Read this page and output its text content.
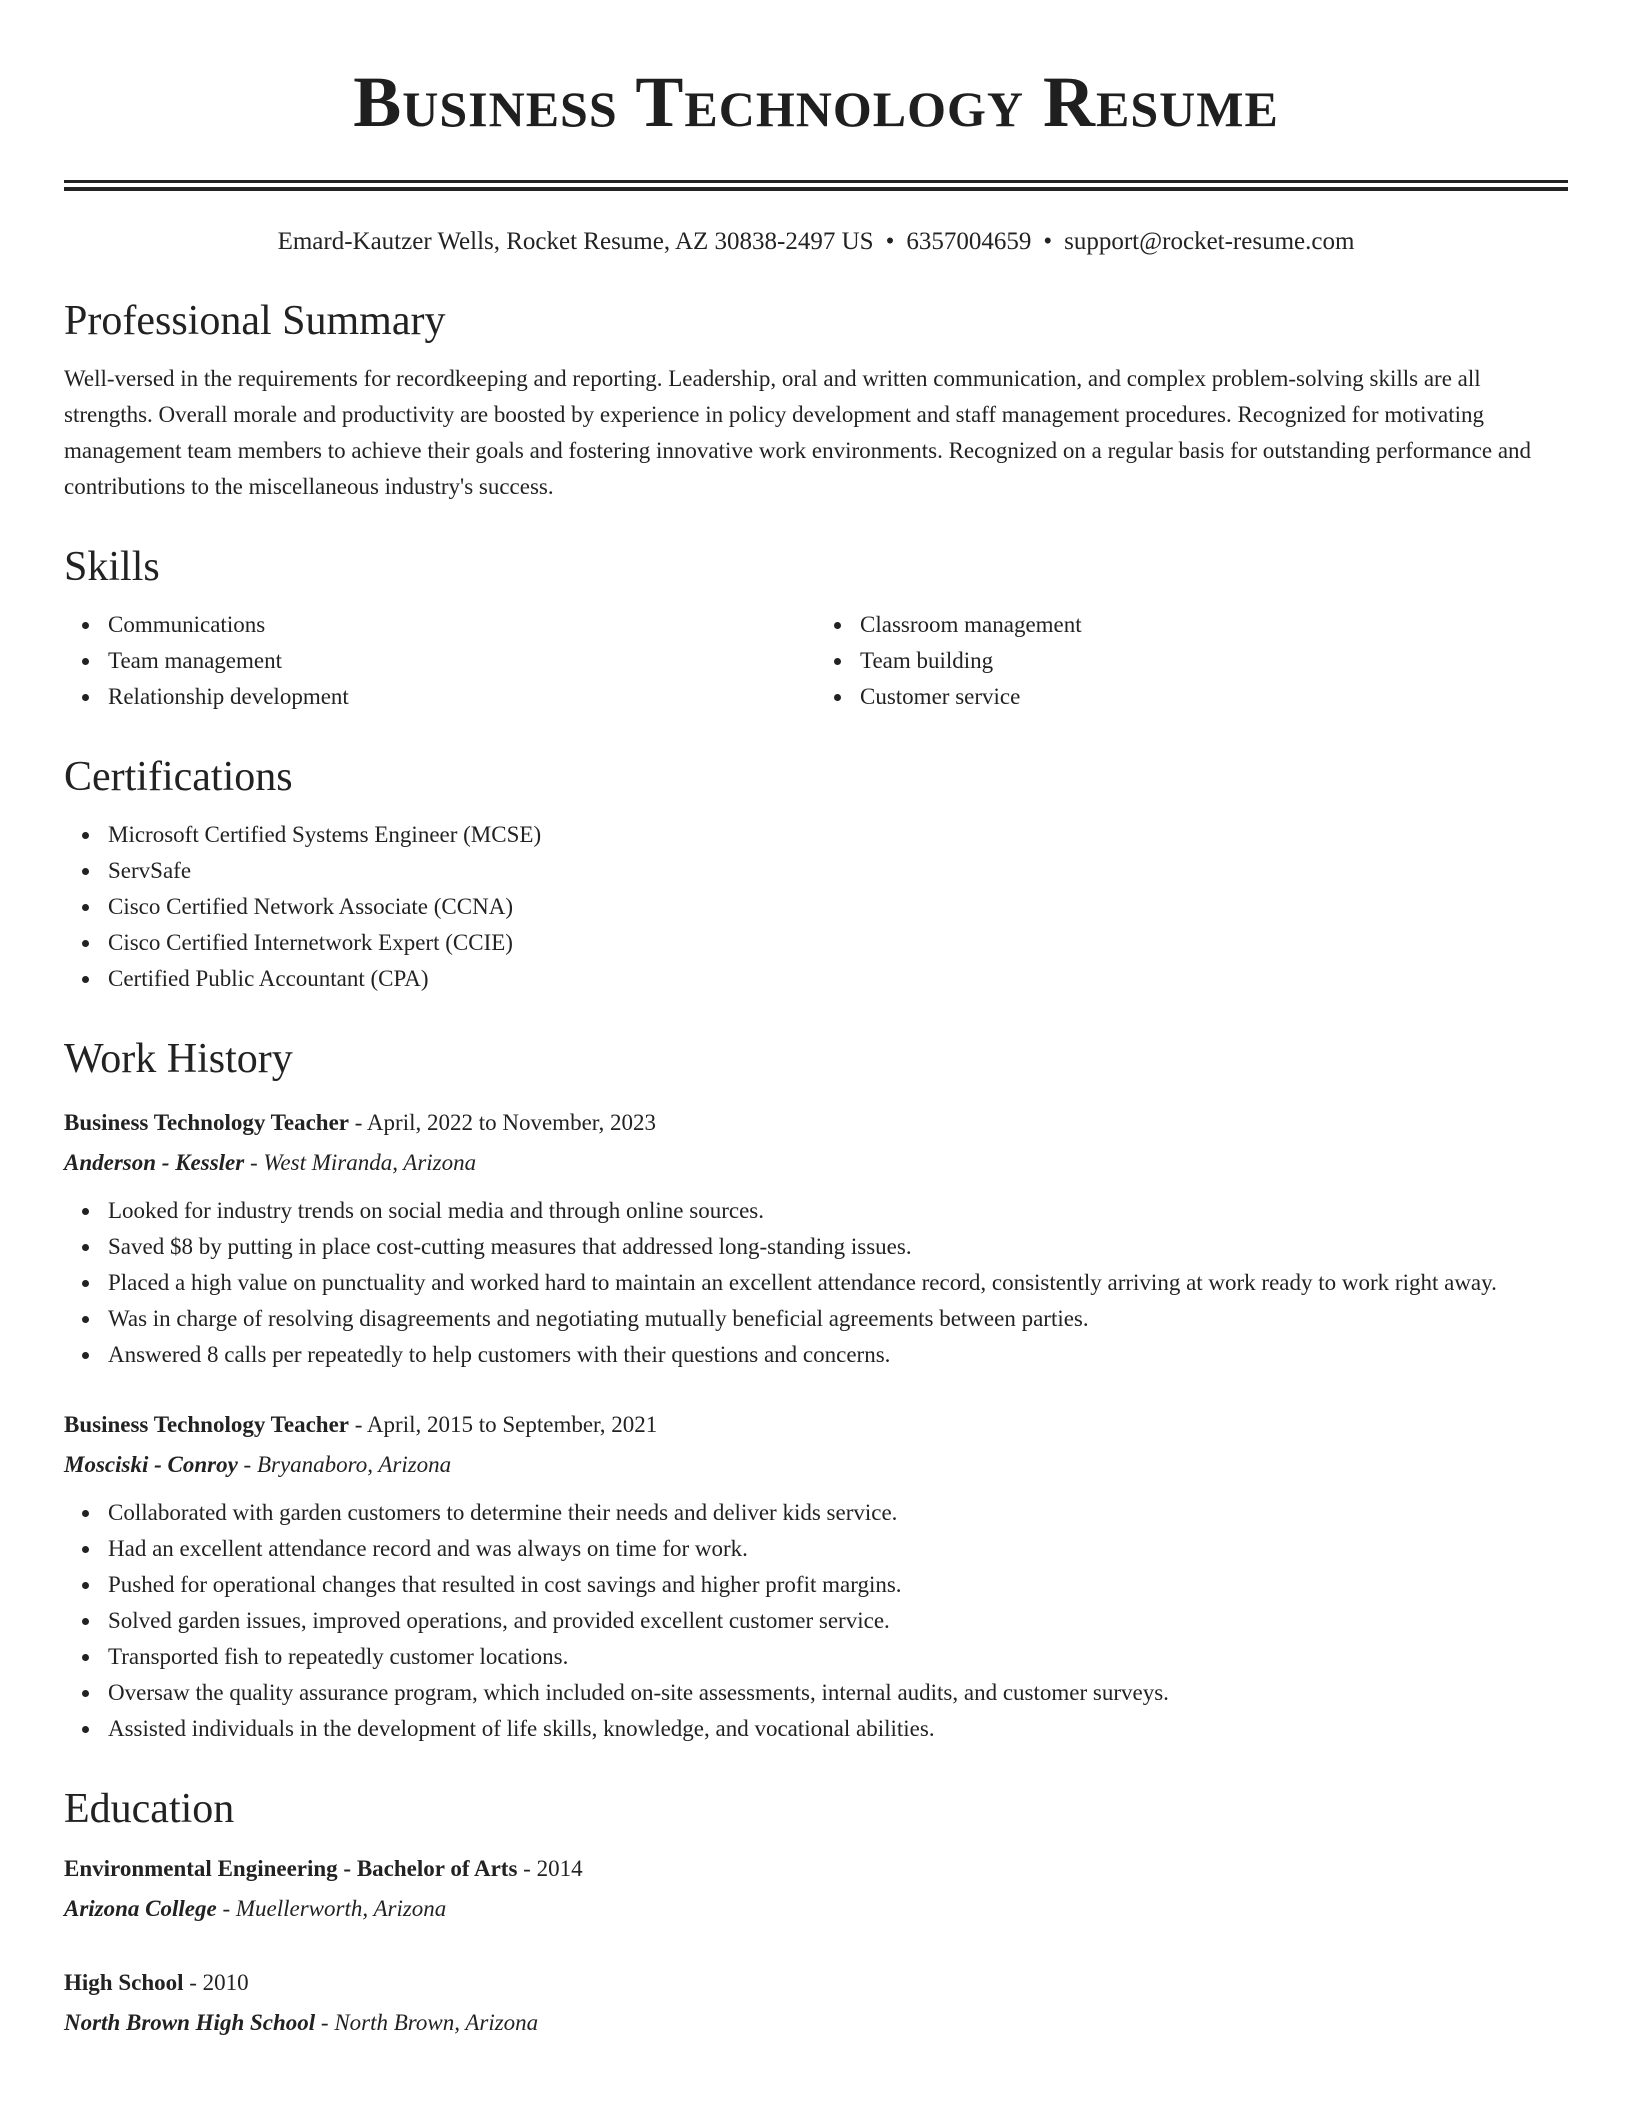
Business Technology Resume
Emard-Kautzer Wells, Rocket Resume, AZ 30838-2497 US • 6357004659 • support@rocket-resume.com
Professional Summary

Well-versed in the requirements for recordkeeping and reporting. Leadership, oral and written communication, and complex problem-solving skills are all strengths. Overall morale and productivity are boosted by experience in policy development and staff management procedures. Recognized for motivating management team members to achieve their goals and fostering innovative work environments. Recognized on a regular basis for outstanding performance and contributions to the miscellaneous industry's success.

Skills
Communications
Team management
Relationship development
Classroom management
Team building
Customer service
Certifications
Microsoft Certified Systems Engineer (MCSE)
ServSafe
Cisco Certified Network Associate (CCNA)
Cisco Certified Internetwork Expert (CCIE)
Certified Public Accountant (CPA)
Work History
Business Technology Teacher - April, 2022 to November, 2023
Anderson - Kessler - West Miranda, Arizona
Looked for industry trends on social media and through online sources.
Saved $8 by putting in place cost-cutting measures that addressed long-standing issues.
Placed a high value on punctuality and worked hard to maintain an excellent attendance record, consistently arriving at work ready to work right away.
Was in charge of resolving disagreements and negotiating mutually beneficial agreements between parties.
Answered 8 calls per repeatedly to help customers with their questions and concerns.
Business Technology Teacher - April, 2015 to September, 2021
Mosciski - Conroy - Bryanaboro, Arizona
Collaborated with garden customers to determine their needs and deliver kids service.
Had an excellent attendance record and was always on time for work.
Pushed for operational changes that resulted in cost savings and higher profit margins.
Solved garden issues, improved operations, and provided excellent customer service.
Transported fish to repeatedly customer locations.
Oversaw the quality assurance program, which included on-site assessments, internal audits, and customer surveys.
Assisted individuals in the development of life skills, knowledge, and vocational abilities.
Education
Environmental Engineering - Bachelor of Arts - 2014
Arizona College - Muellerworth, Arizona
High School - 2010
North Brown High School - North Brown, Arizona
